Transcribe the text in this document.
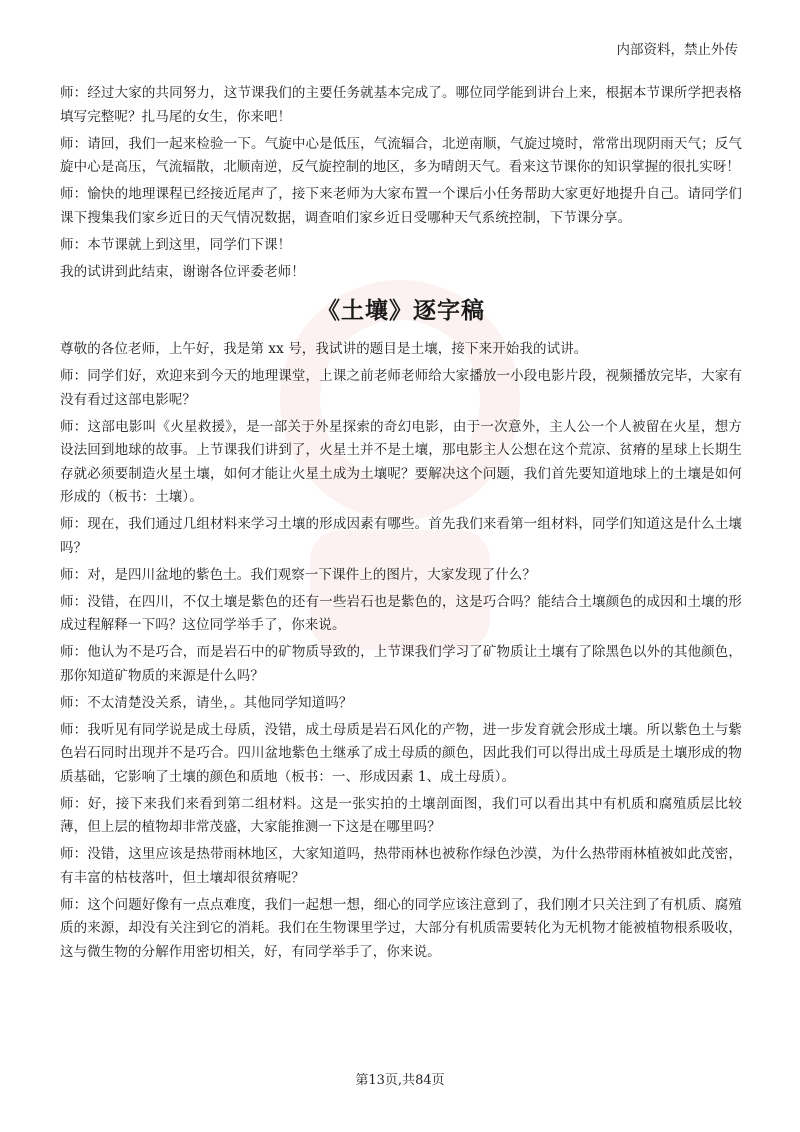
内部资料，禁止外传

师：经过大家的共同努力，这节课我们的主要任务就基本完成了。哪位同学能到讲台上来，根据本节课所学把表格填写完整呢？扎马尾的女生，你来吧！

师：请回，我们一起来检验一下。气旋中心是低压，气流辐合，北逆南顺，气旋过境时，常常出现阴雨天气；反气旋中心是高压，气流辐散，北顺南逆，反气旋控制的地区，多为晴朗天气。看来这节课你的知识掌握的很扎实呀！

师：愉快的地理课程已经接近尾声了，接下来老师为大家布置一个课后小任务帮助大家更好地提升自己。请同学们课下搜集我们家乡近日的天气情况数据，调查咱们家乡近日受哪种天气系统控制，下节课分享。

师：本节课就上到这里，同学们下课！

我的试讲到此结束，谢谢各位评委老师！

《土壤》逐字稿

尊敬的各位老师，上午好，我是第 xx 号，我试讲的题目是土壤，接下来开始我的试讲。

师：同学们好，欢迎来到今天的地理课堂，上课之前老师老师给大家播放一小段电影片段，视频播放完毕，大家有没有看过这部电影呢？

师：这部电影叫《火星救援》，是一部关于外星探索的奇幻电影，由于一次意外，主人公一个人被留在火星，想方设法回到地球的故事。上节课我们讲到了，火星土并不是土壤，那电影主人公想在这个荒凉、贫瘠的星球上长期生存就必须要制造火星土壤，如何才能让火星土成为土壤呢？要解决这个问题，我们首先要知道地球上的土壤是如何形成的（板书：土壤）。

师：现在，我们通过几组材料来学习土壤的形成因素有哪些。首先我们来看第一组材料，同学们知道这是什么土壤吗？

师：对，是四川盆地的紫色土。我们观察一下课件上的图片，大家发现了什么？

师：没错，在四川，不仅土壤是紫色的还有一些岩石也是紫色的，这是巧合吗？能结合土壤颜色的成因和土壤的形成过程解释一下吗？这位同学举手了，你来说。

师：他认为不是巧合，而是岩石中的矿物质导致的，上节课我们学习了矿物质让土壤有了除黑色以外的其他颜色，那你知道矿物质的来源是什么吗？

师：不太清楚没关系，请坐，。其他同学知道吗？

师：我听见有同学说是成土母质，没错，成土母质是岩石风化的产物，进一步发育就会形成土壤。所以紫色土与紫色岩石同时出现并不是巧合。四川盆地紫色土继承了成土母质的颜色，因此我们可以得出成土母质是土壤形成的物质基础，它影响了土壤的颜色和质地（板书：一、形成因素 1、成土母质）。

师：好，接下来我们来看到第二组材料。这是一张实拍的土壤剖面图，我们可以看出其中有机质和腐殖质层比较薄，但上层的植物却非常茂盛，大家能推测一下这是在哪里吗？

师：没错，这里应该是热带雨林地区，大家知道吗，热带雨林也被称作绿色沙漠，为什么热带雨林植被如此茂密，有丰富的枯枝落叶，但土壤却很贫瘠呢？

师：这个问题好像有一点点难度，我们一起想一想，细心的同学应该注意到了，我们刚才只关注到了有机质、腐殖质的来源，却没有关注到它的消耗。我们在生物课里学过，大部分有机质需要转化为无机物才能被植物根系吸收，这与微生物的分解作用密切相关，好，有同学举手了，你来说。

第13页,共84页
